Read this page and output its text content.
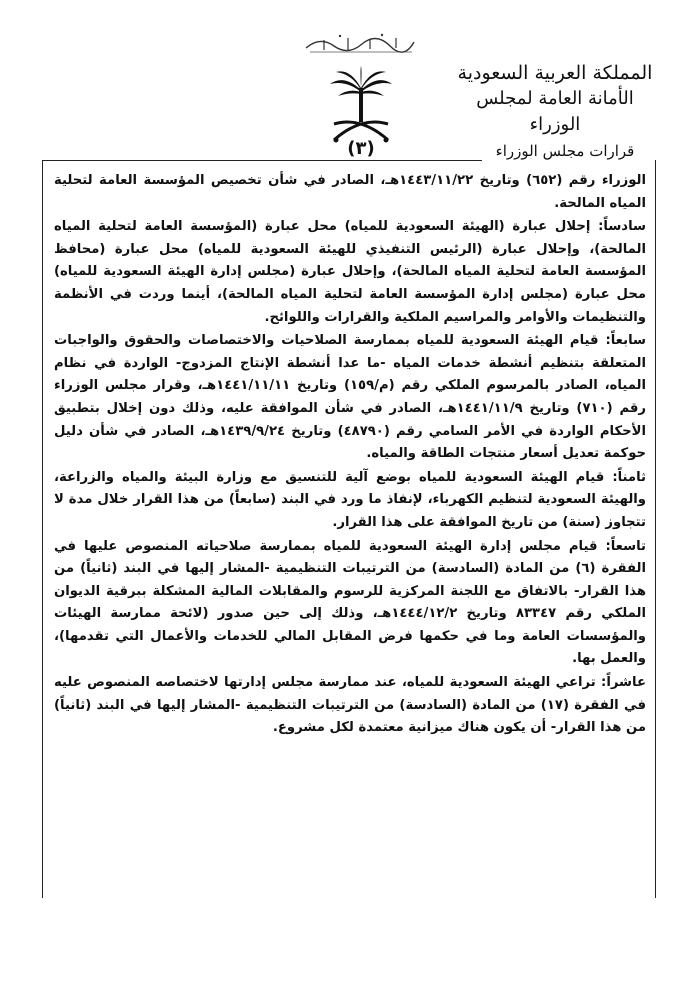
المملكة العربية السعودية
الأمانة العامة لمجلس الوزراء
(٣)	قرارات مجلس الوزراء
الوزراء رقم (٦٥٢) وتاريخ ١٤٤٣/١١/٢٢هـ، الصادر في شأن تخصيص المؤسسة العامة لتحلية المياه المالحة.
سادساً: إحلال عبارة (الهيئة السعودية للمياه) محل عبارة (المؤسسة العامة لتحلية المياه المالحة)، وإحلال عبارة (الرئيس التنفيذي للهيئة السعودية للمياه) محل عبارة (محافظ المؤسسة العامة لتحلية المياه المالحة)، وإحلال عبارة (مجلس إدارة الهيئة السعودية للمياه) محل عبارة (مجلس إدارة المؤسسة العامة لتحلية المياه المالحة)، أينما وردت في الأنظمة والتنظيمات والأوامر والمراسيم الملكية والقرارات واللوائح.
سابعاً: قيام الهيئة السعودية للمياه بممارسة الصلاحيات والاختصاصات والحقوق والواجبات المتعلقة بتنظيم أنشطة خدمات المياه -ما عدا أنشطة الإنتاج المزدوج- الواردة في نظام المياه، الصادر بالمرسوم الملكي رقم (م/١٥٩) وتاريخ ١٤٤١/١١/١١هـ، وقرار مجلس الوزراء رقم (٧١٠) وتاريخ ١٤٤١/١١/٩هـ، الصادر في شأن الموافقة عليه، وذلك دون إخلال بتطبيق الأحكام الواردة في الأمر السامي رقم (٤٨٧٩٠) وتاريخ ١٤٣٩/٩/٢٤هـ، الصادر في شأن دليل حوكمة تعديل أسعار منتجات الطاقة والمياه.
ثامناً: قيام الهيئة السعودية للمياه بوضع آلية للتنسيق مع وزارة البيئة والمياه والزراعة، والهيئة السعودية لتنظيم الكهرباء، لإنفاذ ما ورد في البند (سابعاً) من هذا القرار خلال مدة لا تتجاوز (سنة) من تاريخ الموافقة على هذا القرار.
تاسعاً: قيام مجلس إدارة الهيئة السعودية للمياه بممارسة صلاحياته المنصوص عليها في الفقرة (٦) من المادة (السادسة) من الترتيبات التنظيمية -المشار إليها في البند (ثانياً) من هذا القرار- بالاتفاق مع اللجنة المركزية للرسوم والمقابلات المالية المشكلة ببرقية الديوان الملكي رقم ٨٣٣٤٧ وتاريخ ١٤٤٤/١٢/٢هـ، وذلك إلى حين صدور (لائحة ممارسة الهيئات والمؤسسات العامة وما في حكمها فرض المقابل المالي للخدمات والأعمال التي تقدمها)، والعمل بها.
عاشراً: تراعي الهيئة السعودية للمياه، عند ممارسة مجلس إدارتها لاختصاصه المنصوص عليه في الفقرة (١٧) من المادة (السادسة) من الترتيبات التنظيمية -المشار إليها في البند (ثانياً) من هذا القرار- أن يكون هناك ميزانية معتمدة لكل مشروع.
